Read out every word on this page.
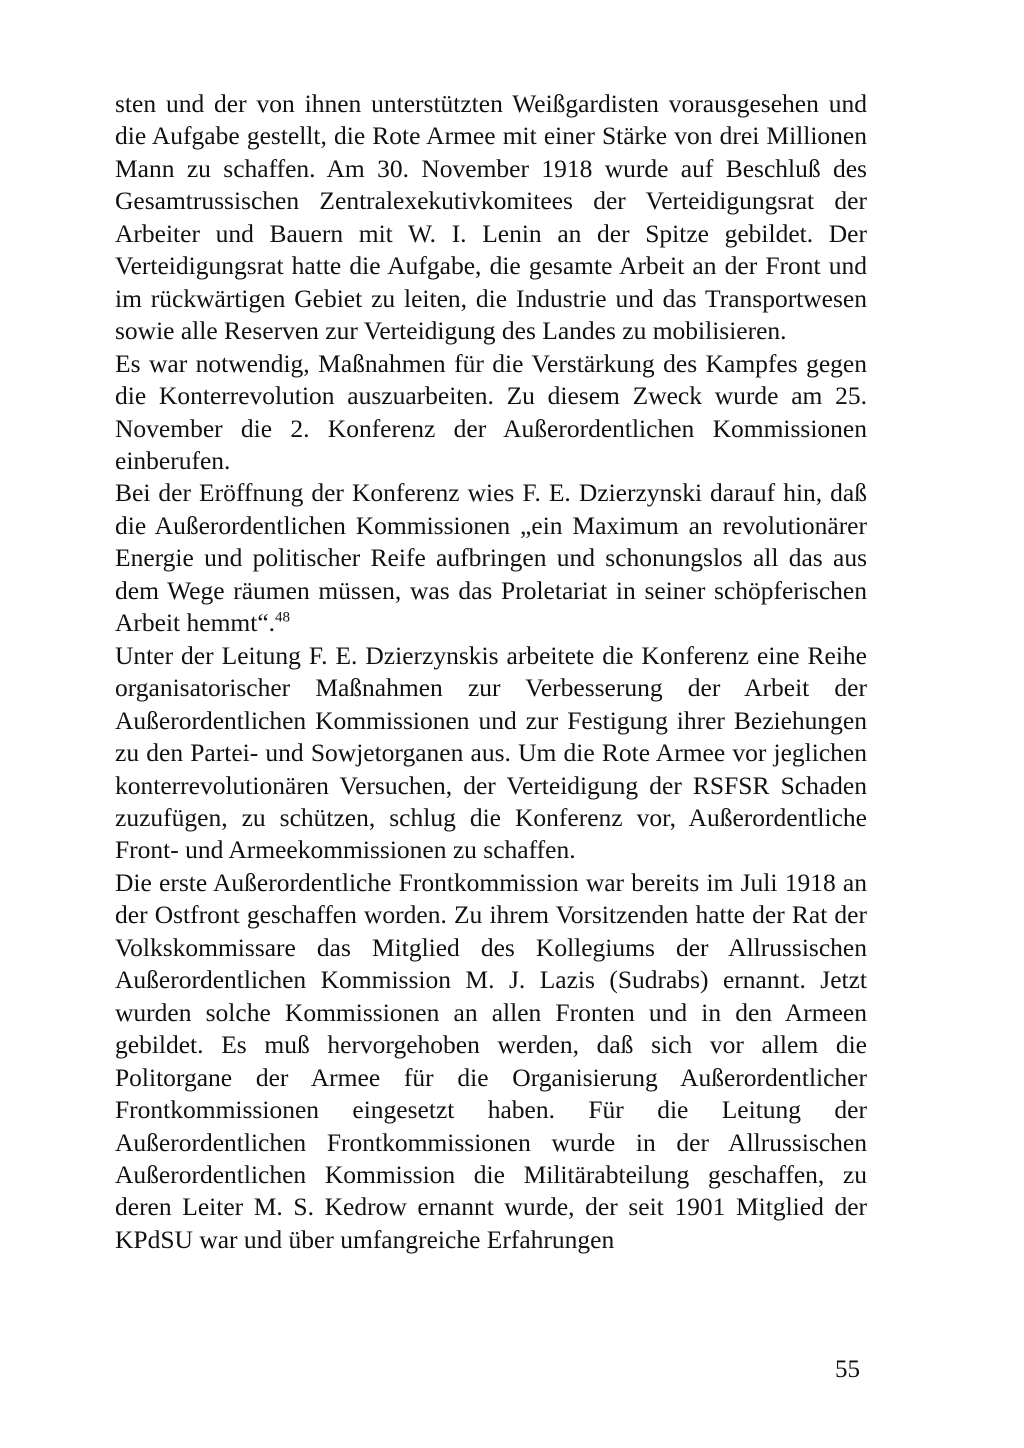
sten und der von ihnen unterstützten Weißgardisten vorausgesehen und die Aufgabe gestellt, die Rote Armee mit einer Stärke von drei Millionen Mann zu schaffen. Am 30. November 1918 wurde auf Beschluß des Gesamtrussischen Zentralexekutivkomitees der Verteidigungsrat der Arbeiter und Bauern mit W. I. Lenin an der Spitze gebildet. Der Verteidigungsrat hatte die Aufgabe, die gesamte Arbeit an der Front und im rückwärtigen Gebiet zu leiten, die Industrie und das Transportwesen sowie alle Reserven zur Verteidigung des Landes zu mobilisieren.

Es war notwendig, Maßnahmen für die Verstärkung des Kampfes gegen die Konterrevolution auszuarbeiten. Zu diesem Zweck wurde am 25. November die 2. Konferenz der Außerordentlichen Kommissionen einberufen.

Bei der Eröffnung der Konferenz wies F. E. Dzierzynski darauf hin, daß die Außerordentlichen Kommissionen „ein Maximum an revolutionärer Energie und politischer Reife aufbringen und schonungslos all das aus dem Wege räumen müssen, was das Proletariat in seiner schöpferischen Arbeit hemmt“.$^{48}$

Unter der Leitung F. E. Dzierzynskis arbeitete die Konferenz eine Reihe organisatorischer Maßnahmen zur Verbesserung der Arbeit der Außerordentlichen Kommissionen und zur Festigung ihrer Beziehungen zu den Partei- und Sowjetorganen aus. Um die Rote Armee vor jeglichen konterrevolutionären Versuchen, der Verteidigung der RSFSR Schaden zuzufügen, zu schützen, schlug die Konferenz vor, Außerordentliche Front- und Armeekommissionen zu schaffen.

Die erste Außerordentliche Frontkommission war bereits im Juli 1918 an der Ostfront geschaffen worden. Zu ihrem Vorsitzenden hatte der Rat der Volkskommissare das Mitglied des Kollegiums der Allrussischen Außerordentlichen Kommission M. J. Lazis (Sudrabs) ernannt. Jetzt wurden solche Kommissionen an allen Fronten und in den Armeen gebildet. Es muß hervorgehoben werden, daß sich vor allem die Politorgane der Armee für die Organisierung Außerordentlicher Frontkommissionen eingesetzt haben. Für die Leitung der Außerordentlichen Frontkommissionen wurde in der Allrussischen Außerordentlichen Kommission die Militärabteilung geschaffen, zu deren Leiter M. S. Kedrow ernannt wurde, der seit 1901 Mitglied der KPdSU war und über umfangreiche Erfahrungen

55
